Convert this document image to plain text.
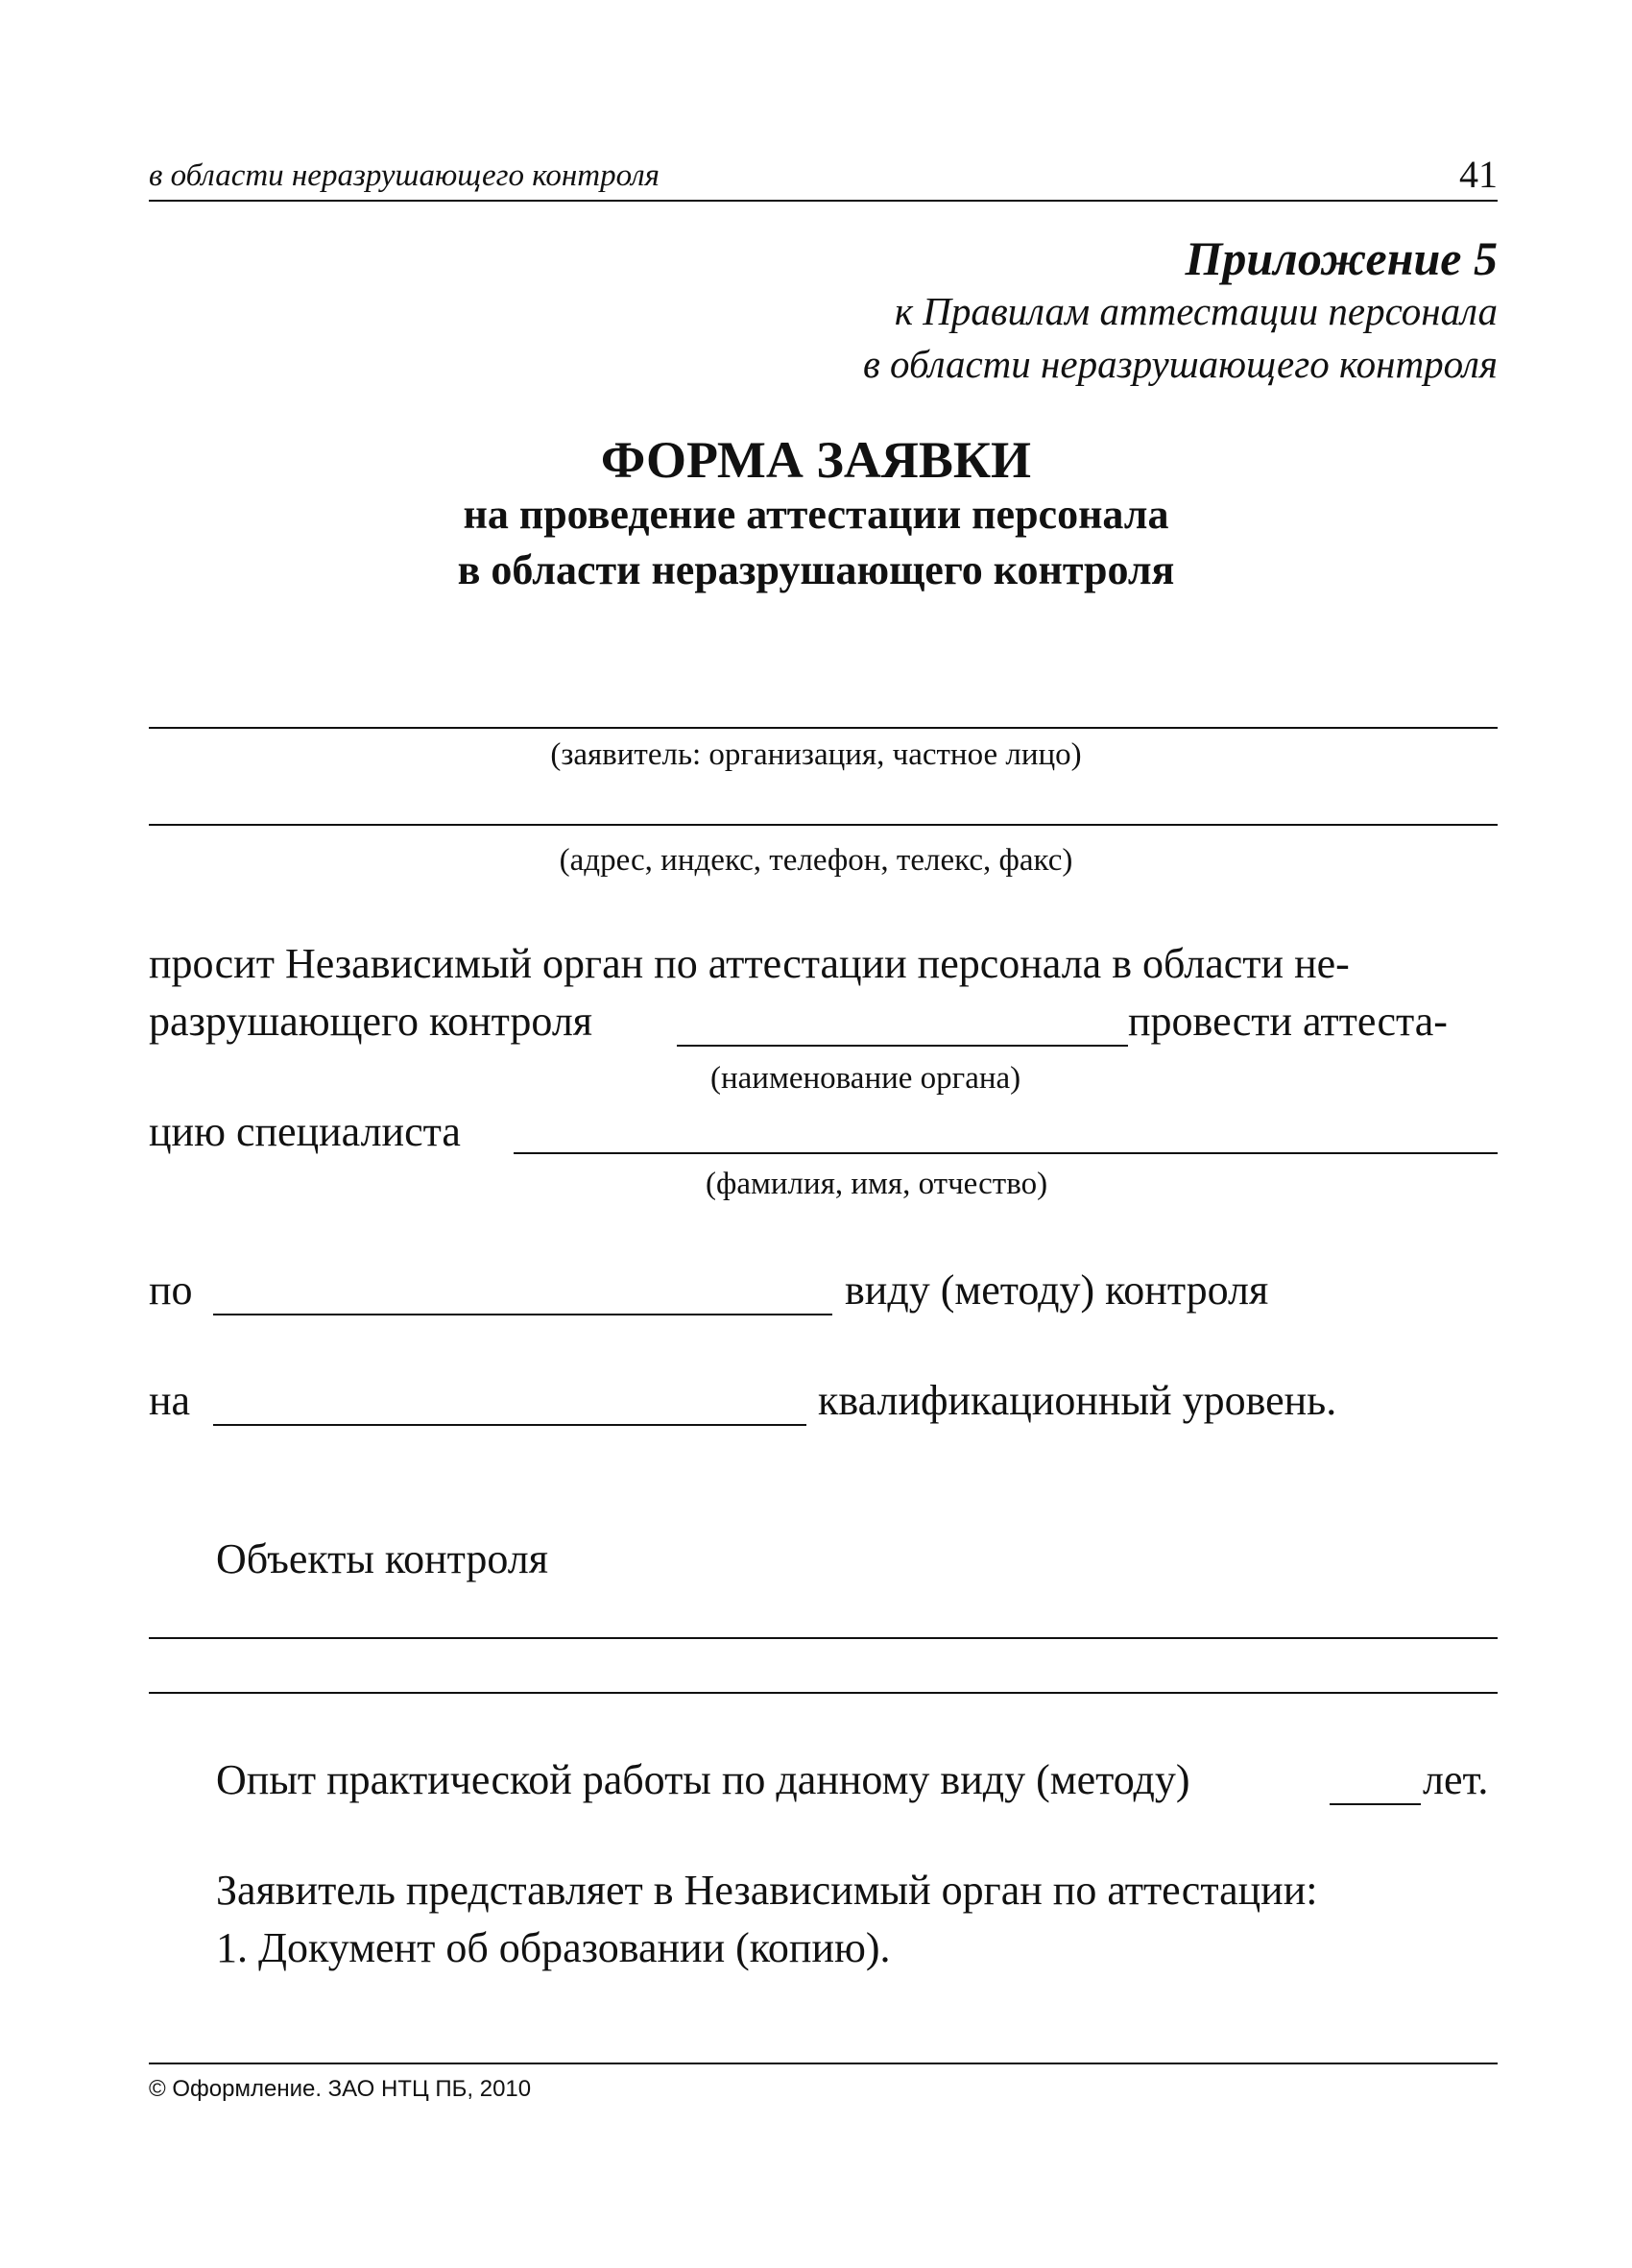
в области неразрушающего контроля	41
Приложение 5
к Правилам аттестации персонала
в области неразрушающего контроля
ФОРМА ЗАЯВКИ
на проведение аттестации персонала
в области неразрушающего контроля
(заявитель: организация, частное лицо)
(адрес, индекс, телефон, телекс, факс)
просит Независимый орган по аттестации персонала в области не-
разрушающего контроля	провести аттеста-
(наименование органа)
цию специалиста
(фамилия, имя, отчество)
по	виду (методу) контроля
на	квалификационный уровень.
Объекты контроля
Опыт практической работы по данному виду (методу)	лет.
Заявитель представляет в Независимый орган по аттестации:
1. Документ об образовании (копию).
© Оформление. ЗАО НТЦ ПБ, 2010
